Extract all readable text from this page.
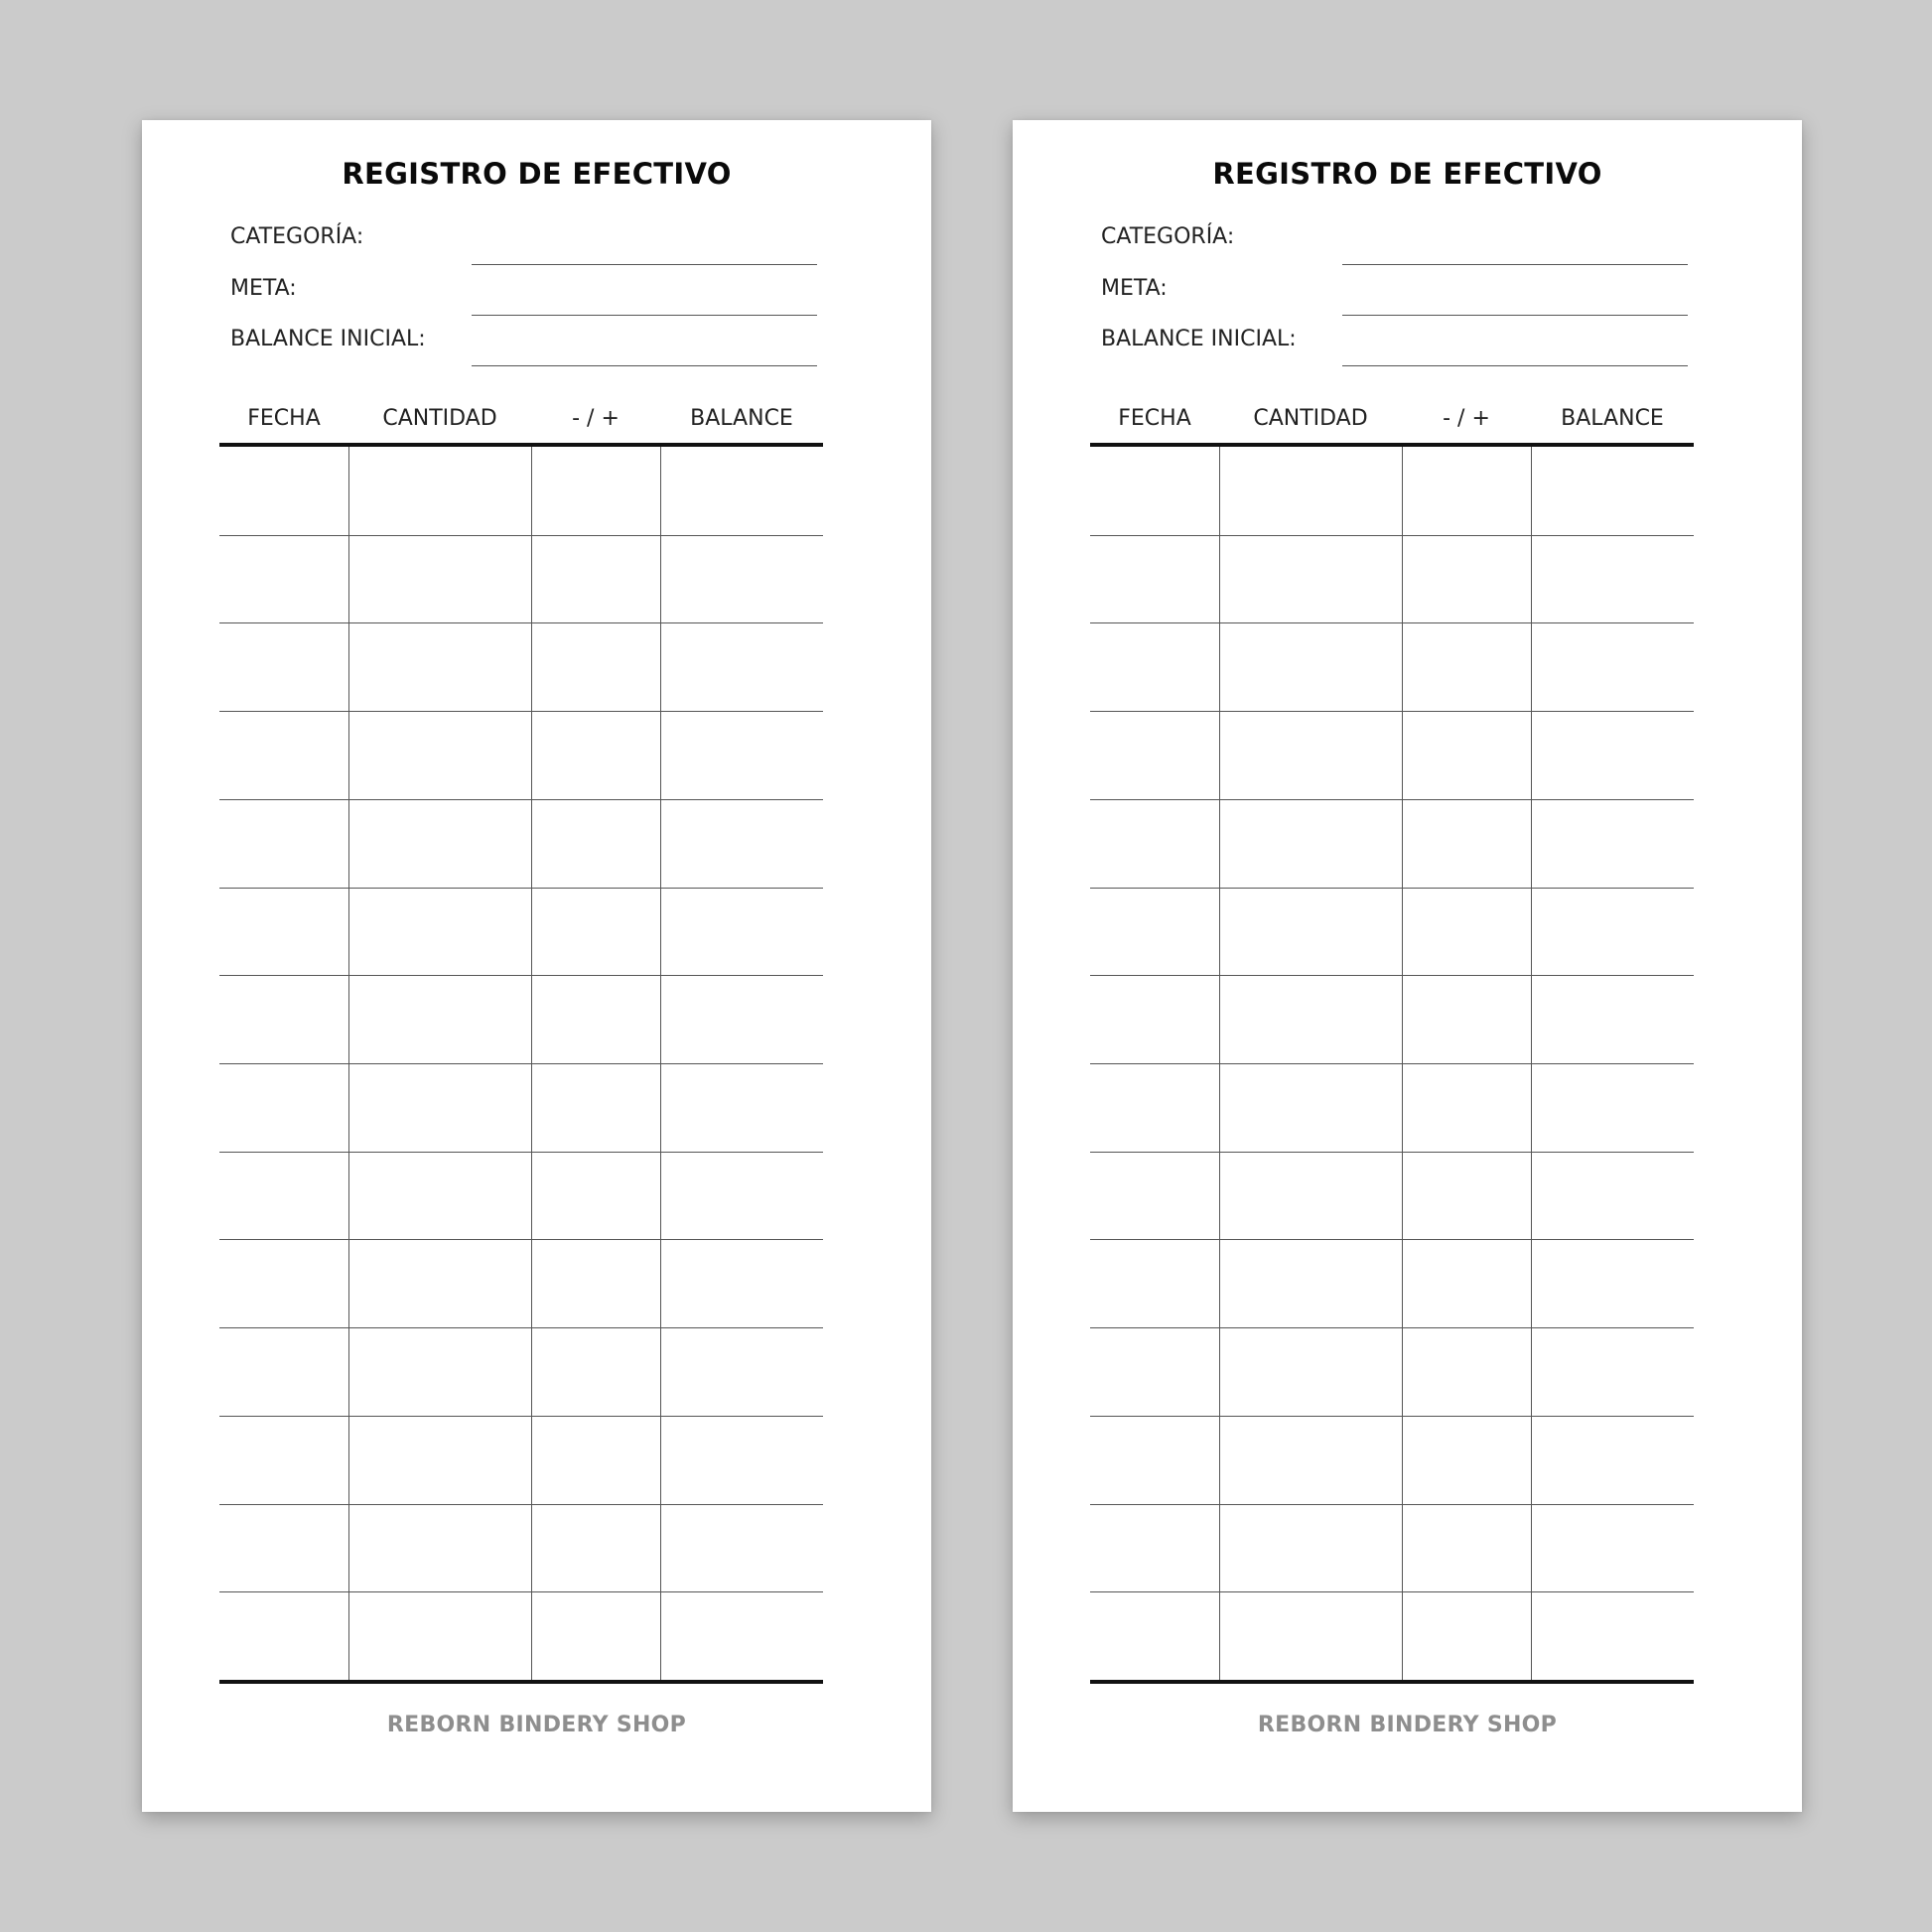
REGISTRO DE EFECTIVO
CATEGORÍA:
META:
BALANCE INICIAL:
FECHA	CANTIDAD	- / +	BALANCE
REBORN BINDERY SHOP
REGISTRO DE EFECTIVO
CATEGORÍA:
META:
BALANCE INICIAL:
FECHA	CANTIDAD	- / +	BALANCE
REBORN BINDERY SHOP
